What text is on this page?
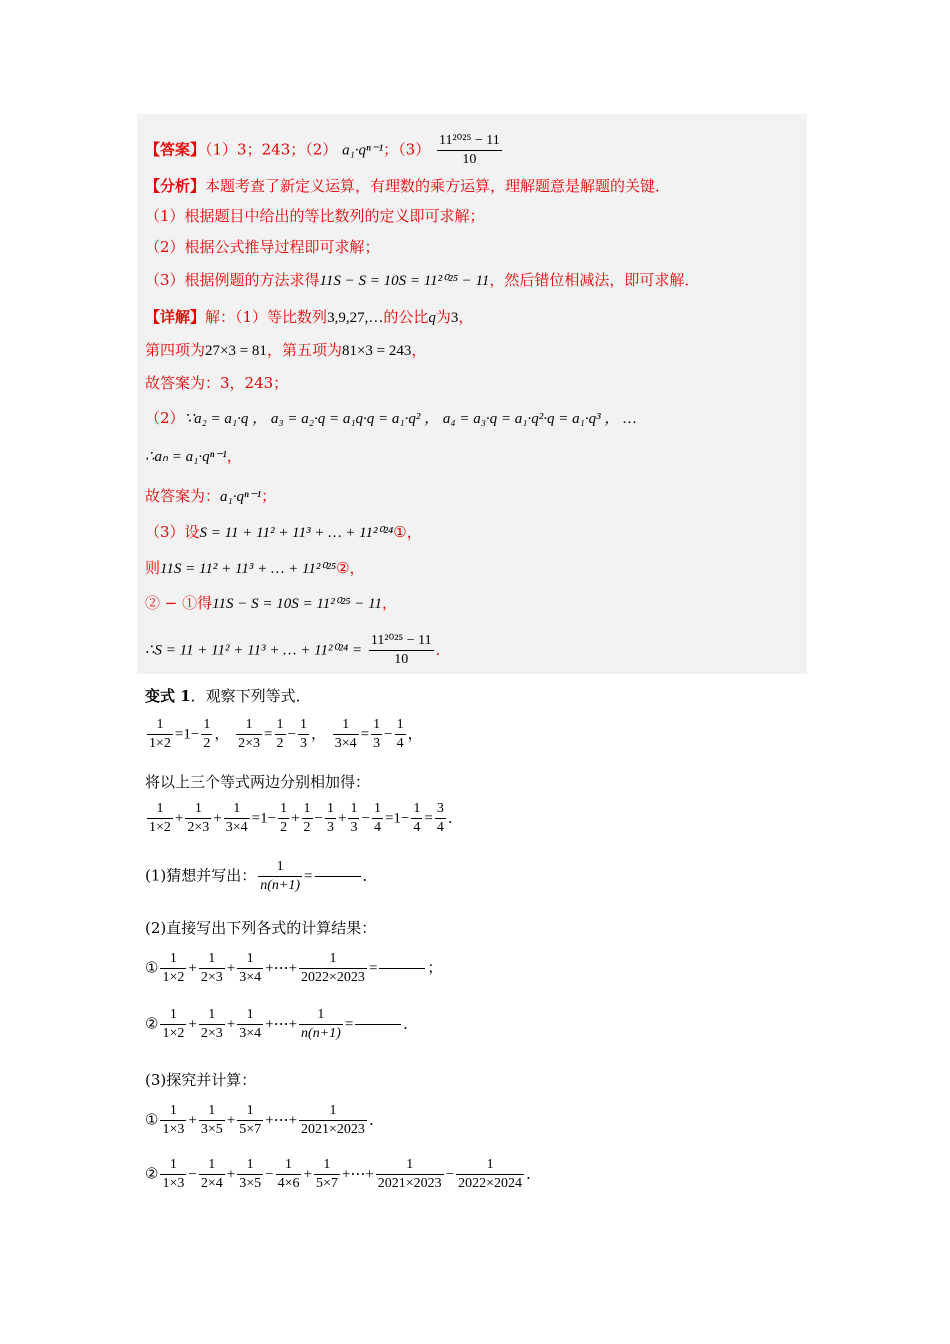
【答案】（1）3；243；（2） a₁·qⁿ⁻¹；$(3) \frac{\text{11²⁰²⁵ − 11}}{10}$
【分析】本题考查了新定义运算，有理数的乘方运算，理解题意是解题的关键．
（1）根据题目中给出的等比数列的定义即可求解；
（2）根据公式推导过程即可求解；
（3）根据例题的方法求得11S − S = 10S = 11²⁰²⁵ − 11，然后错位相减法，即可求解．
【详解】解：（1）等比数列3,9,27,…的公比q为3，
第四项为27×3 = 81，第五项为81×3 = 243，
故答案为：3，243；
（2）∵a₂ = a₁·q ， a₃ = a₂·q = a₁q·q = a₁·q² ， a₄ = a₃·q = a₁·q²·q = a₁·q³ ， …
∴aₙ = a₁·qⁿ⁻¹，
故答案为：a₁·qⁿ⁻¹；
（3）设S = 11 + 11² + 11³ + … + 11²⁰²⁴①，
则11S = 11² + 11³ + … + 11²⁰²⁵②，
② − ①得11S − S = 10S = 11²⁰²⁵ − 11，
∴S = 11 + 11² + 11³ + … + $11^{2024} = \frac{\text{11²⁰²⁵ − 11}}{10}$ ．
变式 1．观察下列等式．
$\frac{1}{1\times 2} =1- \frac{1}{2}$ ， $\frac{1}{2\times 3} = \frac{1}{2} - \frac{1}{3}$ ， $\frac{1}{3\times 4} = \frac{1}{3} - \frac{1}{4}$ ，
将以上三个等式两边分别相加得：
$\frac{1}{1\times 2} + \frac{1}{2\times 3} + \frac{1}{3\times 4} =1- \frac{1}{2} + \frac{1}{2} - \frac{1}{3} + \frac{1}{3} - \frac{1}{4} =1- \frac{1}{4} = \frac{3}{4}$ ．
(1)猜想并写出： $\frac{1}{n(n+1)}$ =	．
(2)直接写出下列各式的计算结果：
① $\frac{1}{1\times 2} + \frac{1}{2\times 3} + \frac{1}{3\times 4}$ +⋯+ $\frac{1}{2022\times 2023}$ =	；
② $\frac{1}{1\times 2} + \frac{1}{2\times 3} + \frac{1}{3\times 4}$ +⋯+ $\frac{1}{n(n+1)}$ =	．
(3)探究并计算：
① $\frac{1}{1\times 3} + \frac{1}{3\times 5} + \frac{1}{5\times 7}$ +⋯+ $\frac{1}{2021\times 2023}$ ．
② $\frac{1}{1\times 3} - \frac{1}{2\times 4} + \frac{1}{3\times 5} - \frac{1}{4\times 6} + \frac{1}{5\times 7}$ +⋯+ $\frac{1}{2021\times 2023} - \frac{1}{2022\times 2024}$ ．
